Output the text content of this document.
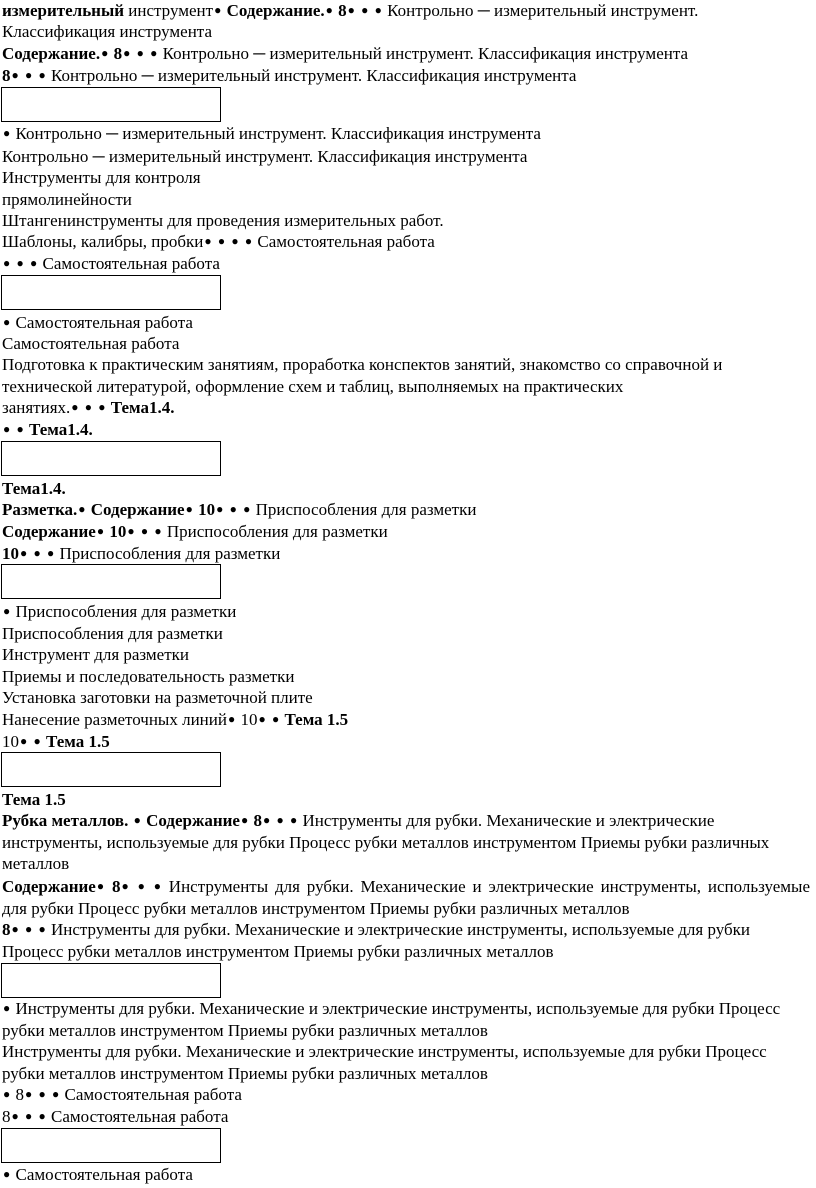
измерительный инструмент● Содержание.● 8● ● ● Контрольно ─ измерительный инструмент.
Классификация инструмента
Содержание.● 8● ● ● Контрольно ─ измерительный инструмент. Классификация инструмента
8● ● ● Контрольно ─ измерительный инструмент. Классификация инструмента
● Контрольно ─ измерительный инструмент. Классификация инструмента
Контрольно ─ измерительный инструмент. Классификация инструмента
Инструменты для контроля
прямолинейности
Штангенинструменты для проведения измерительных работ.
Шаблоны, калибры, пробки● ● ● ● Самостоятельная работа
● ● ● Самостоятельная работа
● Самостоятельная работа
Самостоятельная работа
Подготовка к практическим занятиям, проработка конспектов занятий, знакомство со справочной и
технической литературой, оформление схем и таблиц, выполняемых на практических
занятиях.● ● ● Тема1.4.
● ● Тема1.4.
Тема1.4.
Разметка.● Содержание● 10● ● ● Приспособления для разметки
Содержание● 10● ● ● Приспособления для разметки
10● ● ● Приспособления для разметки
● Приспособления для разметки
Приспособления для разметки
Инструмент для разметки
Приемы и последовательность разметки
Установка заготовки на разметочной плите
Нанесение разметочных линий● 10● ● Тема 1.5
10● ● Тема 1.5
Тема 1.5
Рубка металлов. ● Содержание● 8● ● ● Инструменты для рубки. Механические и электрические инструменты, используемые для рубки Процесс рубки металлов инструментом Приемы рубки различных металлов
Содержание● 8● ● ● Инструменты для рубки. Механические и электрические инструменты, используемые для рубки Процесс рубки металлов инструментом Приемы рубки различных металлов
8● ● ● Инструменты для рубки. Механические и электрические инструменты, используемые для рубки Процесс рубки металлов инструментом Приемы рубки различных металлов
● Инструменты для рубки. Механические и электрические инструменты, используемые для рубки Процесс рубки металлов инструментом Приемы рубки различных металлов
Инструменты для рубки. Механические и электрические инструменты, используемые для рубки Процесс рубки металлов инструментом Приемы рубки различных металлов
● 8● ● ● Самостоятельная работа
8● ● ● Самостоятельная работа
● Самостоятельная работа
